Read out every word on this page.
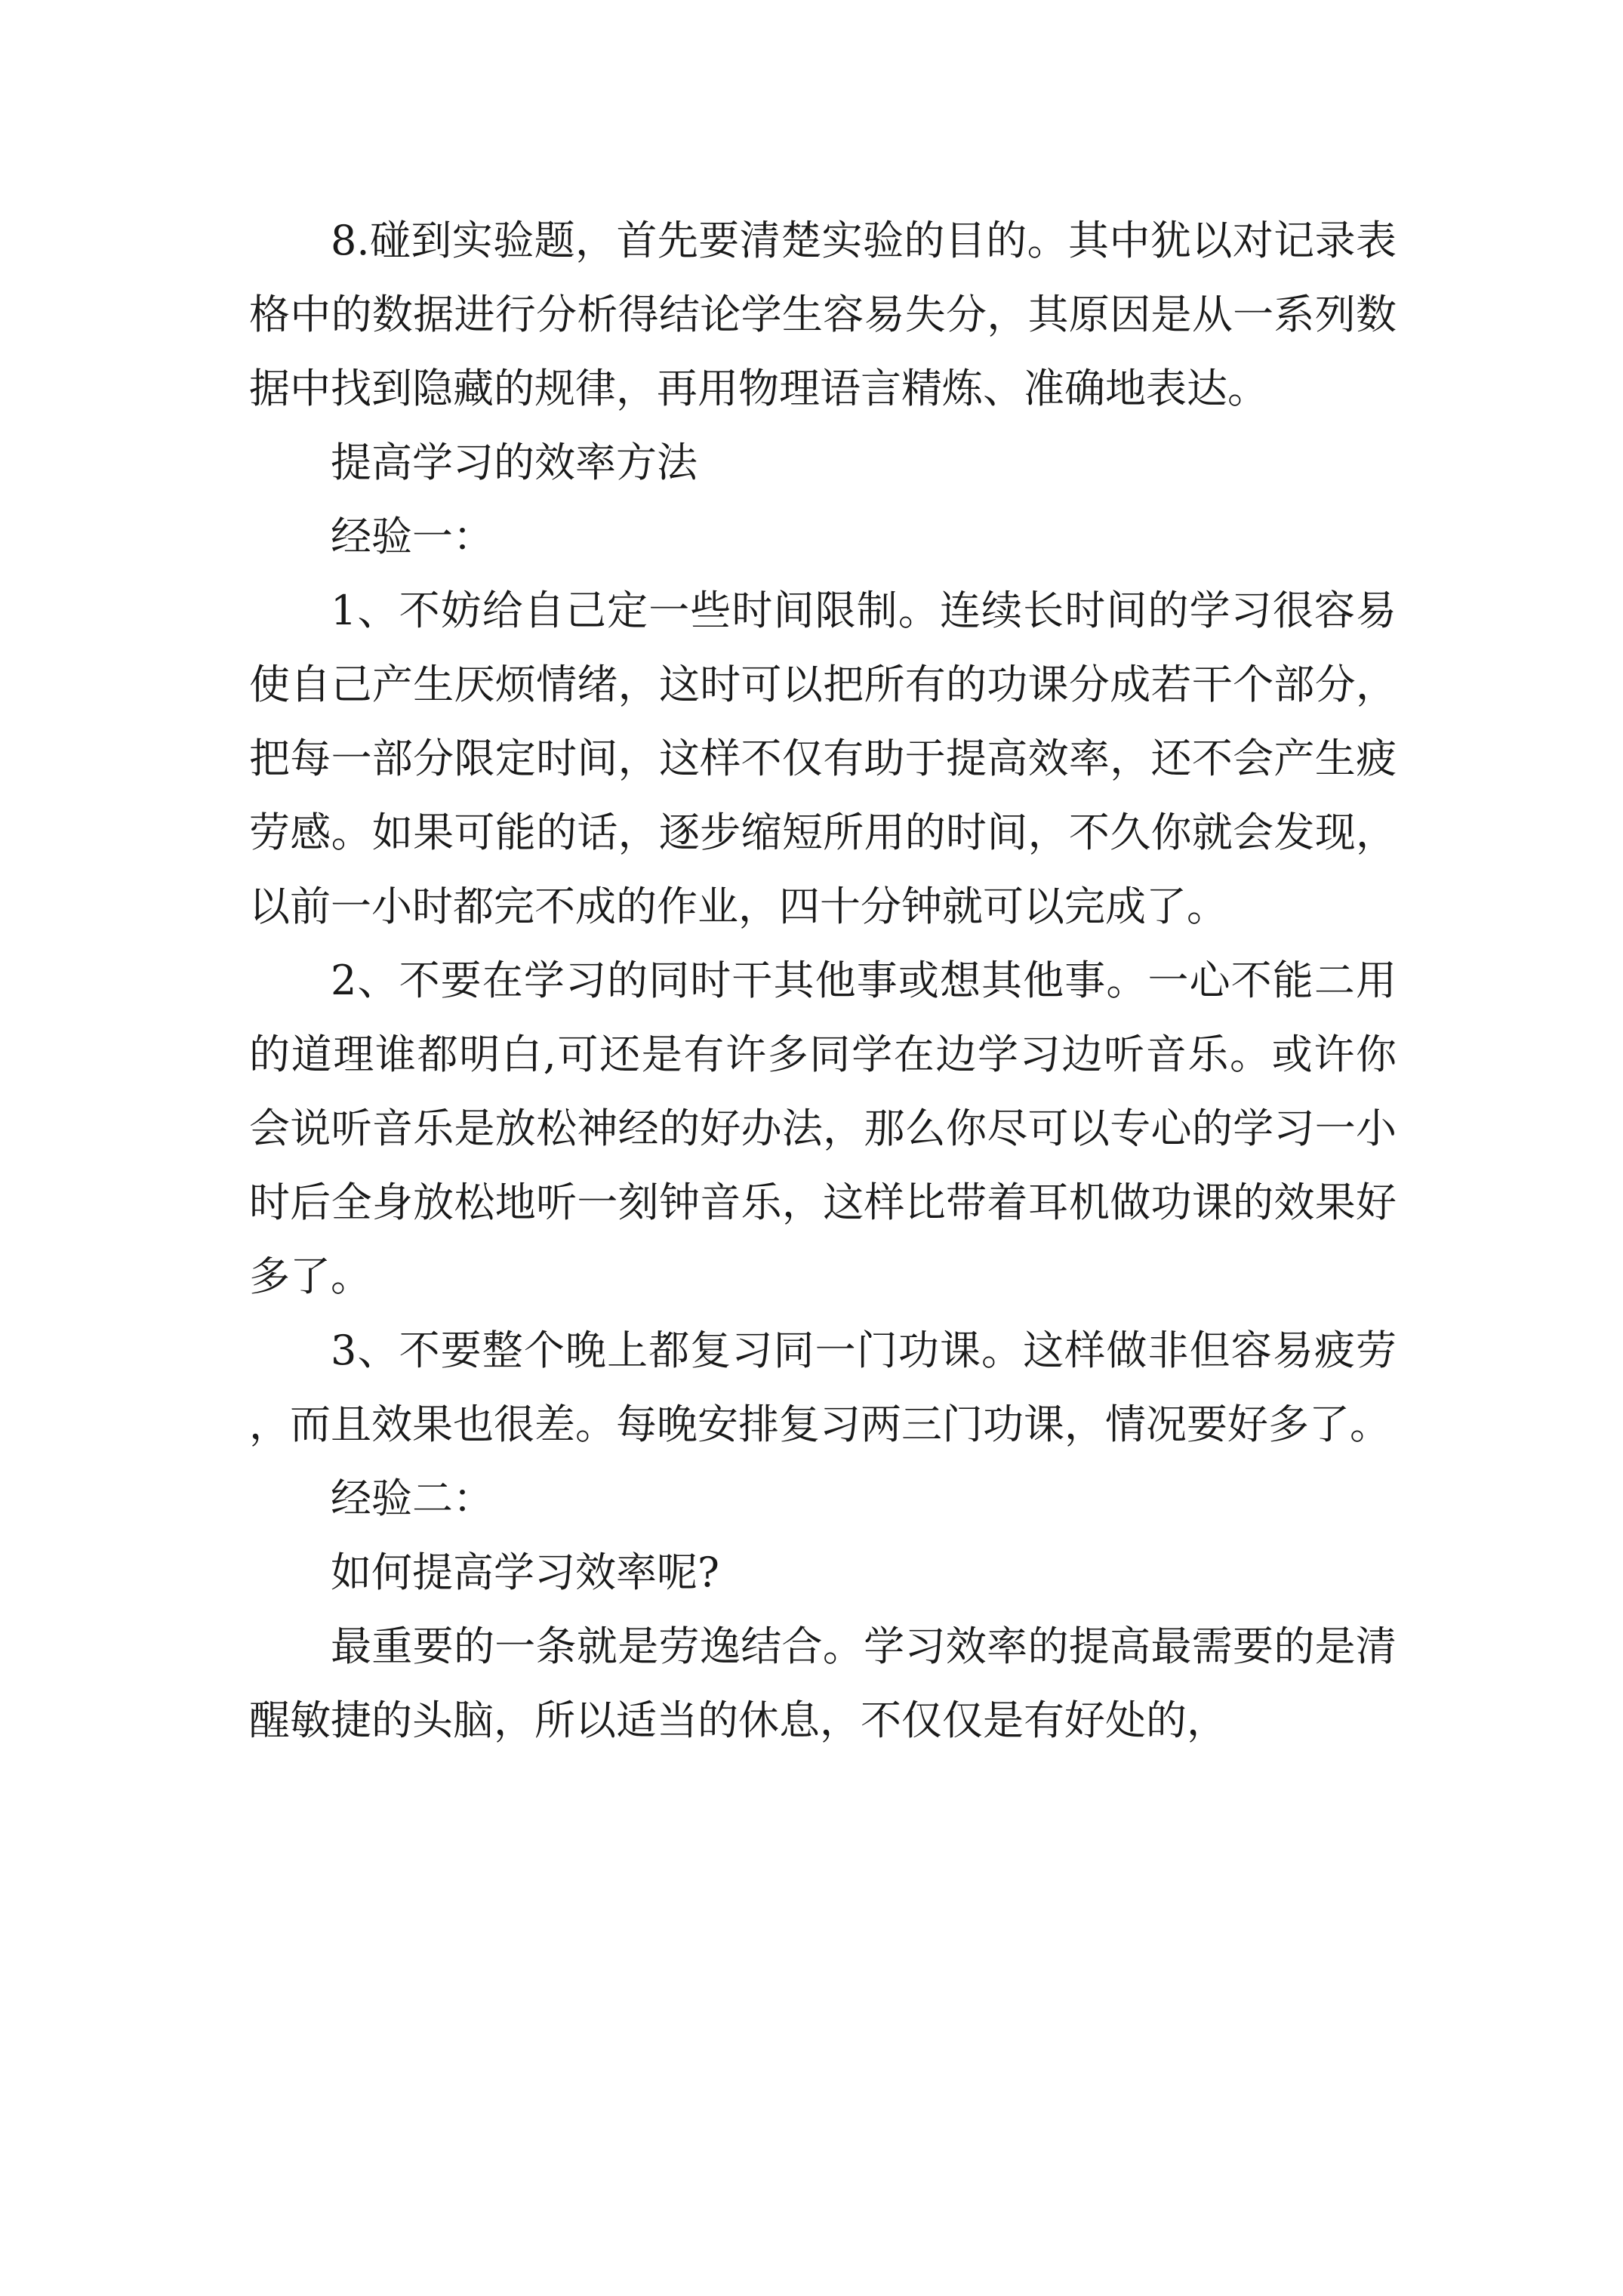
8.碰到实验题，首先要清楚实验的目的。其中犹以对记录表格中的数据进行分析得结论学生容易失分，其原因是从一系列数据中找到隐藏的规律，再用物理语言精炼、准确地表达。

提高学习的效率方法

经验一：

1、不妨给自己定一些时间限制。连续长时间的学习很容易使自己产生厌烦情绪，这时可以把所有的功课分成若干个部分，把每一部分限定时间，这样不仅有助于提高效率，还不会产生疲劳感。如果可能的话，逐步缩短所用的时间，不久你就会发现，以前一小时都完不成的作业，四十分钟就可以完成了。

2、不要在学习的同时干其他事或想其他事。一心不能二用的道理谁都明白,可还是有许多同学在边学习边听音乐。或许你会说听音乐是放松神经的好办法，那么你尽可以专心的学习一小时后全身放松地听一刻钟音乐，这样比带着耳机做功课的效果好多了。

3、不要整个晚上都复习同一门功课。这样做非但容易疲劳，而且效果也很差。每晚安排复习两三门功课，情况要好多了。

经验二：

如何提高学习效率呢?

最重要的一条就是劳逸结合。学习效率的提高最需要的是清醒敏捷的头脑，所以适当的休息，不仅仅是有好处的，
